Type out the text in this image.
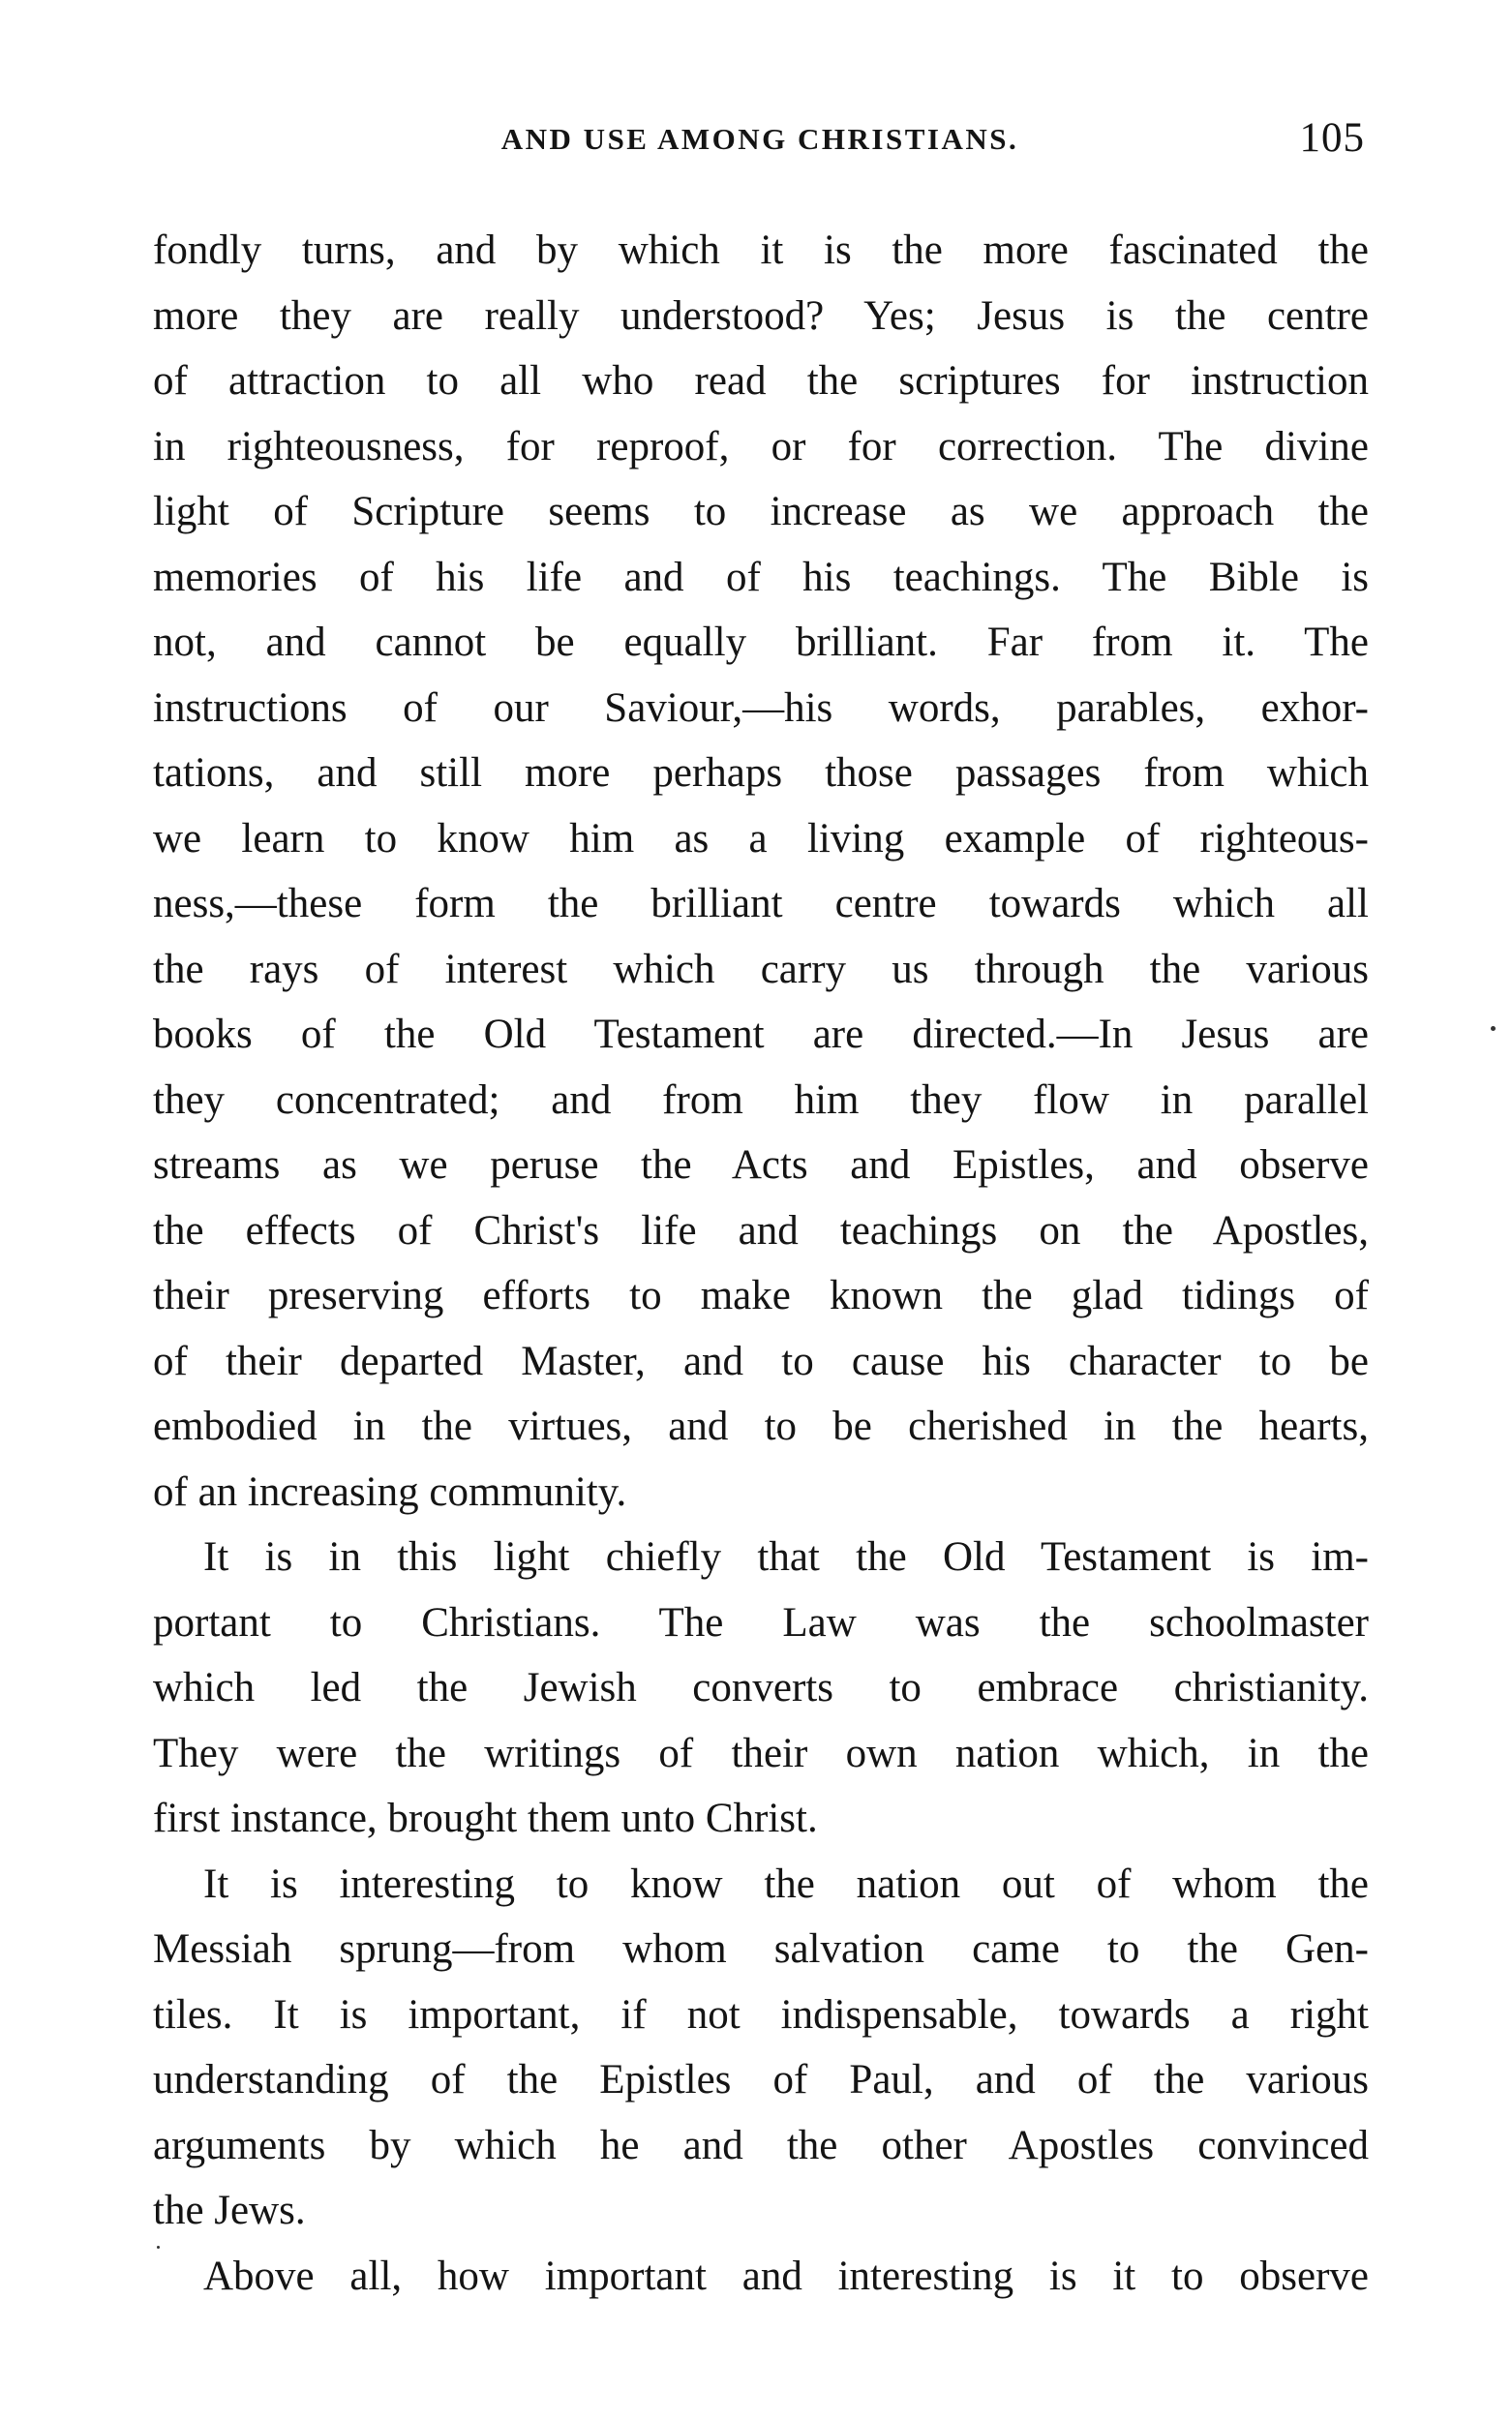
AND USE AMONG CHRISTIANS.	105
fondly turns, and by which it is the more fascinated the
more they are really understood? Yes; Jesus is the centre
of attraction to all who read the scriptures for instruction
in righteousness, for reproof, or for correction. The divine
light of Scripture seems to increase as we approach the
memories of his life and of his teachings. The Bible is
not, and cannot be equally brilliant. Far from it. The
instructions of our Saviour,—his words, parables, exhor-
tations, and still more perhaps those passages from which
we learn to know him as a living example of righteous-
ness,—these form the brilliant centre towards which all
the rays of interest which carry us through the various
books of the Old Testament are directed.—In Jesus are
they concentrated; and from him they flow in parallel
streams as we peruse the Acts and Epistles, and observe
the effects of Christ's life and teachings on the Apostles,
their preserving efforts to make known the glad tidings of
of their departed Master, and to cause his character to be
embodied in the virtues, and to be cherished in the hearts,
of an increasing community.
It is in this light chiefly that the Old Testament is im-
portant to Christians. The Law was the schoolmaster
which led the Jewish converts to embrace christianity.
They were the writings of their own nation which, in the
first instance, brought them unto Christ.
It is interesting to know the nation out of whom the
Messiah sprung—from whom salvation came to the Gen-
tiles. It is important, if not indispensable, towards a right
understanding of the Epistles of Paul, and of the various
arguments by which he and the other Apostles convinced
the Jews.
Above all, how important and interesting is it to observe
